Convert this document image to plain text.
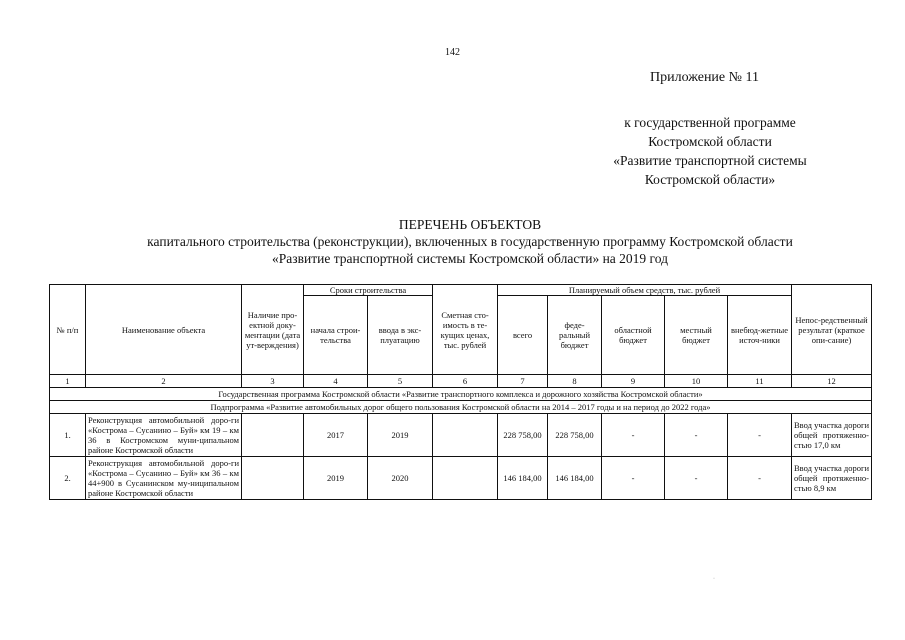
142
Приложение № 11
к государственной программе
Костромской области
«Развитие транспортной системы
Костромской области»
ПЕРЕЧЕНЬ ОБЪЕКТОВ
капитального строительства (реконструкции), включенных в государственную программу Костромской области
«Развитие транспортной системы Костромской области» на 2019 год
№ п/п	Наименование объекта	Наличие про-ектной доку-ментации (дата ут-верждения)	Сроки строительства		Сметная сто-имость в те-кущих ценах, тыс. рублей	Планируемый объем средств, тыс. рублей					Непос-редственный результат (краткое опи-сание)
			начала строи-тельства	ввода в экс-плуатацию		всего	феде-ральный бюджет	областной бюджет	местный бюджет	внебюд-жетные источ-ники	
1	2	3	4	5	6	7	8	9	10	11	12
Государственная программа Костромской области «Развитие транспортного комплекса и дорожного хозяйства Костромской области»											
Подпрограмма «Развитие автомобильных дорог общего пользования Костромской области на 2014 – 2017 годы и на период до 2022 года»											
1.	Реконструкция автомобильной доро-ги «Кострома – Сусанино – Буй» км 19 – км 36 в Костромском муни-ципальном районе Костромской области		2017	2019		228 758,00	228 758,00	-	-	-	Ввод участка дороги общей протяженно-стью 17,0 км
2.	Реконструкция автомобильной доро-ги «Кострома – Сусанино – Буй» км 36 – км 44+900 в Сусанинском му-ниципальном районе Костромской области		2019	2020		146 184,00	146 184,00	-	-	-	Ввод участка дороги общей протяженно-стью 8,9 км
·
